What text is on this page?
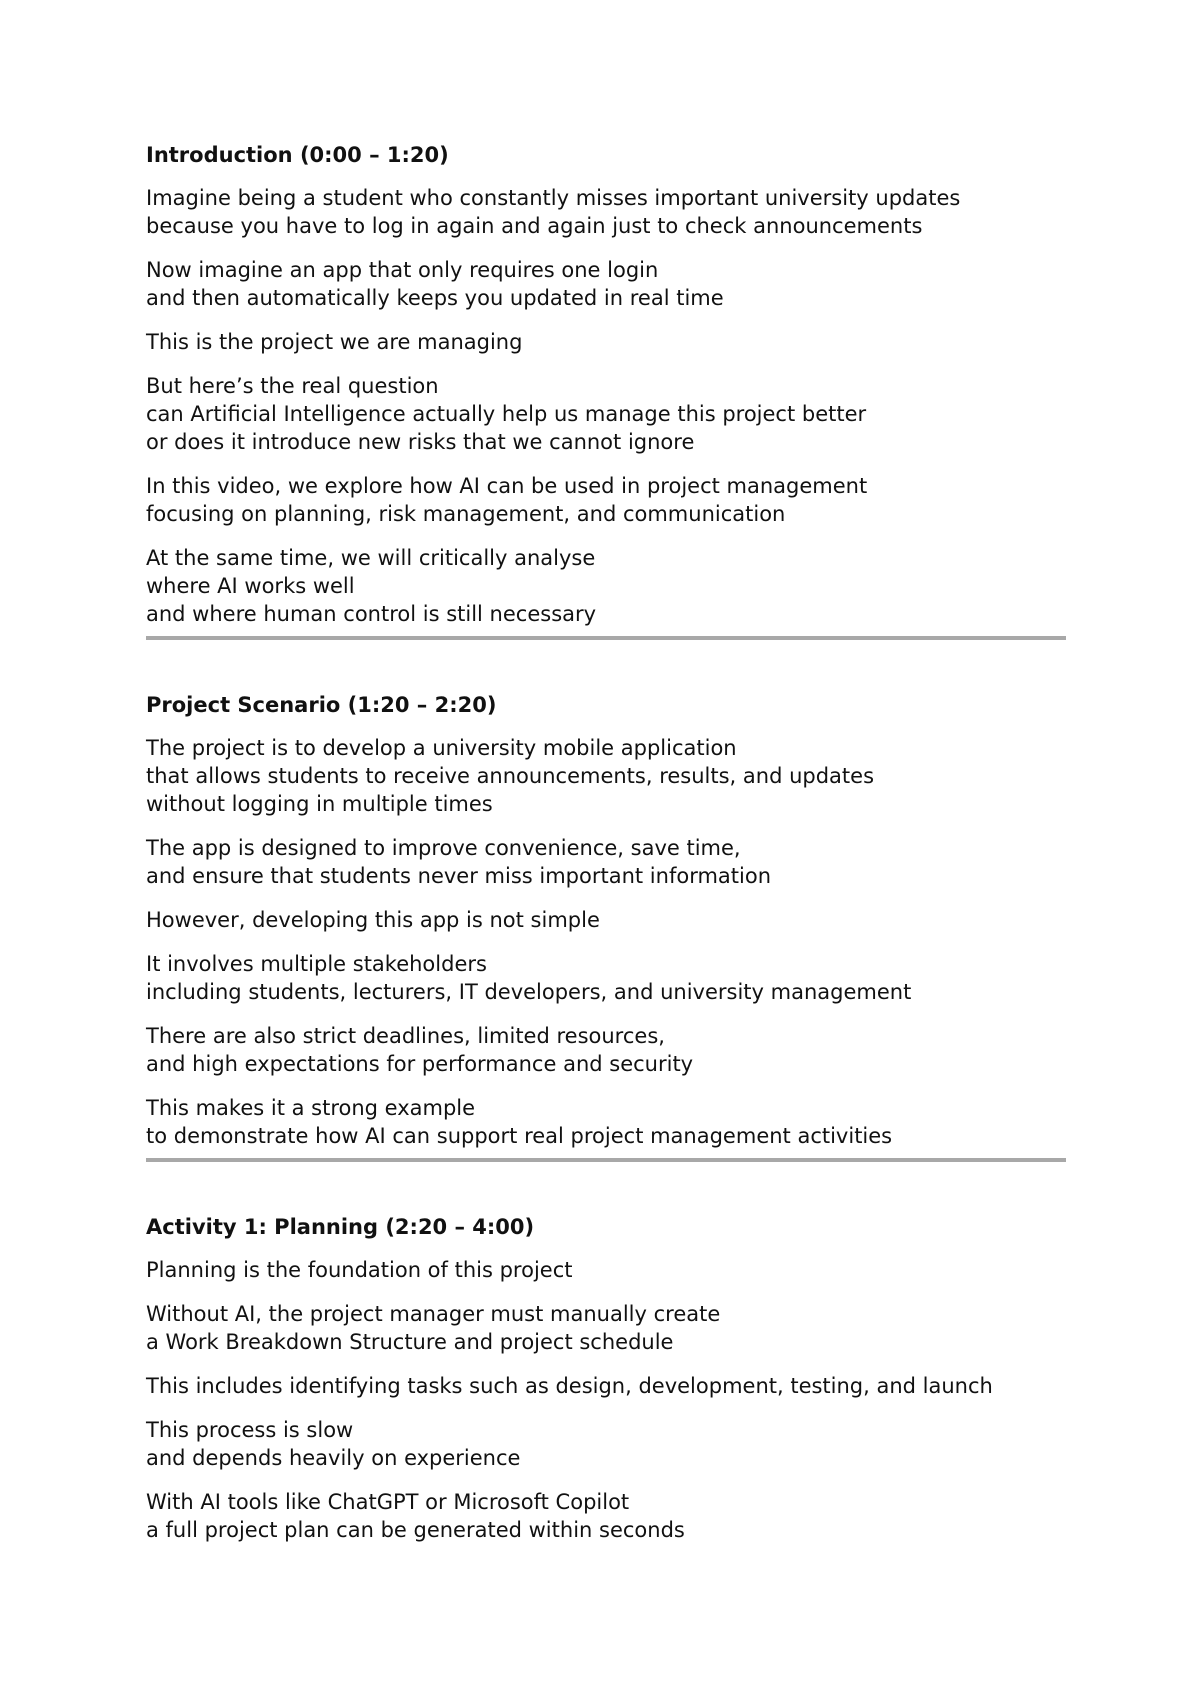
Introduction (0:00 – 1:20)
Imagine being a student who constantly misses important university updates
because you have to log in again and again just to check announcements
Now imagine an app that only requires one login
and then automatically keeps you updated in real time
This is the project we are managing
But here’s the real question
can Artificial Intelligence actually help us manage this project better
or does it introduce new risks that we cannot ignore
In this video, we explore how AI can be used in project management
focusing on planning, risk management, and communication
At the same time, we will critically analyse
where AI works well
and where human control is still necessary
Project Scenario (1:20 – 2:20)
The project is to develop a university mobile application
that allows students to receive announcements, results, and updates
without logging in multiple times
The app is designed to improve convenience, save time,
and ensure that students never miss important information
However, developing this app is not simple
It involves multiple stakeholders
including students, lecturers, IT developers, and university management
There are also strict deadlines, limited resources,
and high expectations for performance and security
This makes it a strong example
to demonstrate how AI can support real project management activities
Activity 1: Planning (2:20 – 4:00)
Planning is the foundation of this project
Without AI, the project manager must manually create
a Work Breakdown Structure and project schedule
This includes identifying tasks such as design, development, testing, and launch
This process is slow
and depends heavily on experience
With AI tools like ChatGPT or Microsoft Copilot
a full project plan can be generated within seconds
